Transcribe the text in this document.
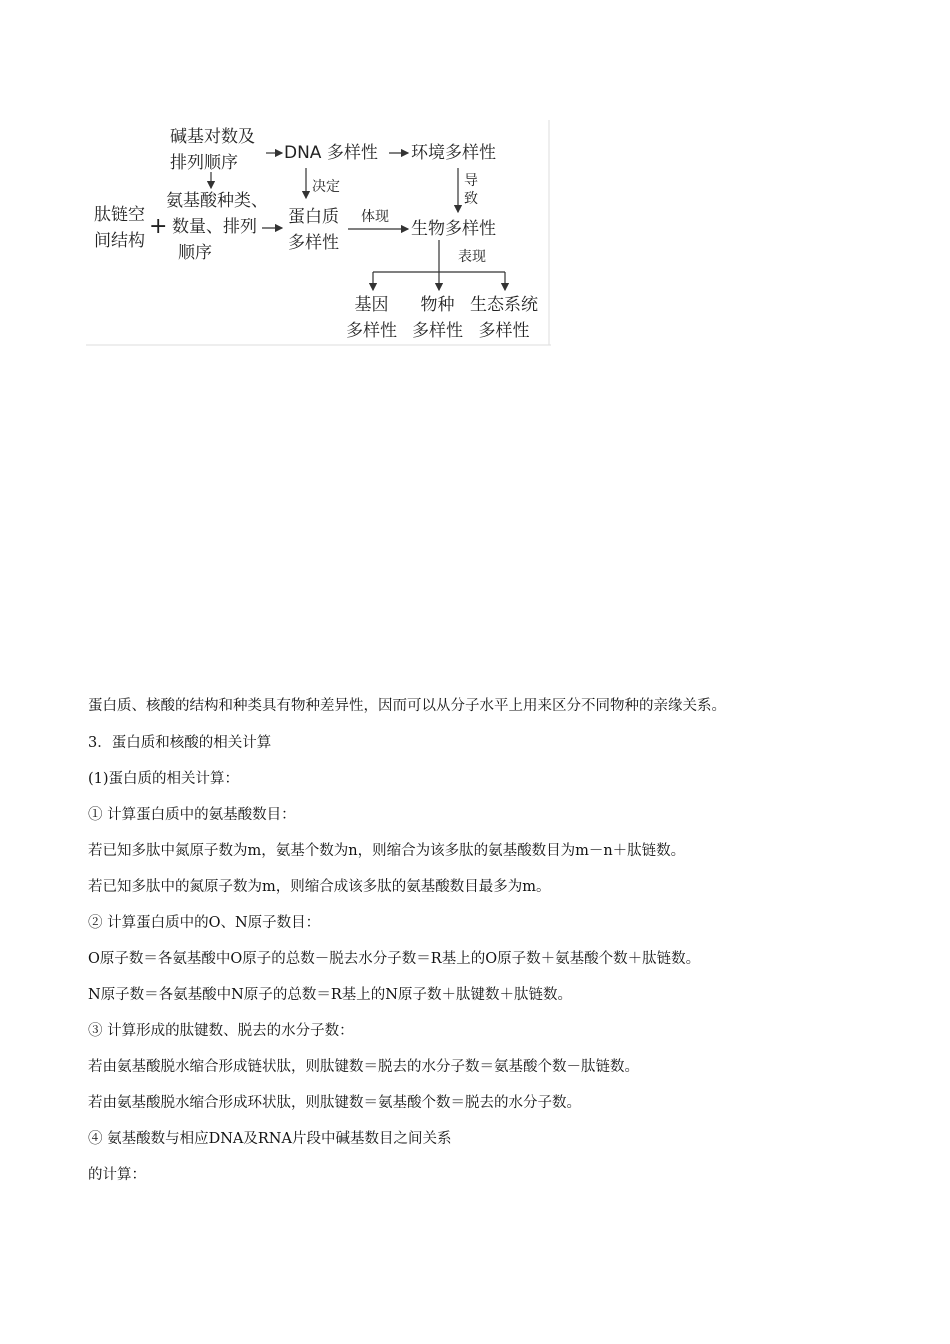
碱基对数及
排列顺序	DNA 多样性 环境多样性
氨基酸种类、
数量、排列
顺序
肽链空
间结构
+	蛋白质
多样性
生物多样性
基因
多样性
物种
多样性
生态系统
多样性
决定
体现
导
致
表现
蛋白质、核酸的结构和种类具有物种差异性，因而可以从分子水平上用来区分不同物种的亲缘关系。
3．蛋白质和核酸的相关计算
(1)蛋白质的相关计算：
① 计算蛋白质中的氨基酸数目：
若已知多肽中氮原子数为m，氨基个数为n，则缩合为该多肽的氨基酸数目为m－n＋肽链数。
若已知多肽中的氮原子数为m，则缩合成该多肽的氨基酸数目最多为m。
② 计算蛋白质中的O、N原子数目：
O原子数＝各氨基酸中O原子的总数－脱去水分子数＝R基上的O原子数＋氨基酸个数＋肽链数。
N原子数＝各氨基酸中N原子的总数＝R基上的N原子数＋肽键数＋肽链数。
③ 计算形成的肽键数、脱去的水分子数：
若由氨基酸脱水缩合形成链状肽，则肽键数＝脱去的水分子数＝氨基酸个数－肽链数。
若由氨基酸脱水缩合形成环状肽，则肽键数＝氨基酸个数＝脱去的水分子数。
④ 氨基酸数与相应DNA及RNA片段中碱基数目之间关系
的计算：
